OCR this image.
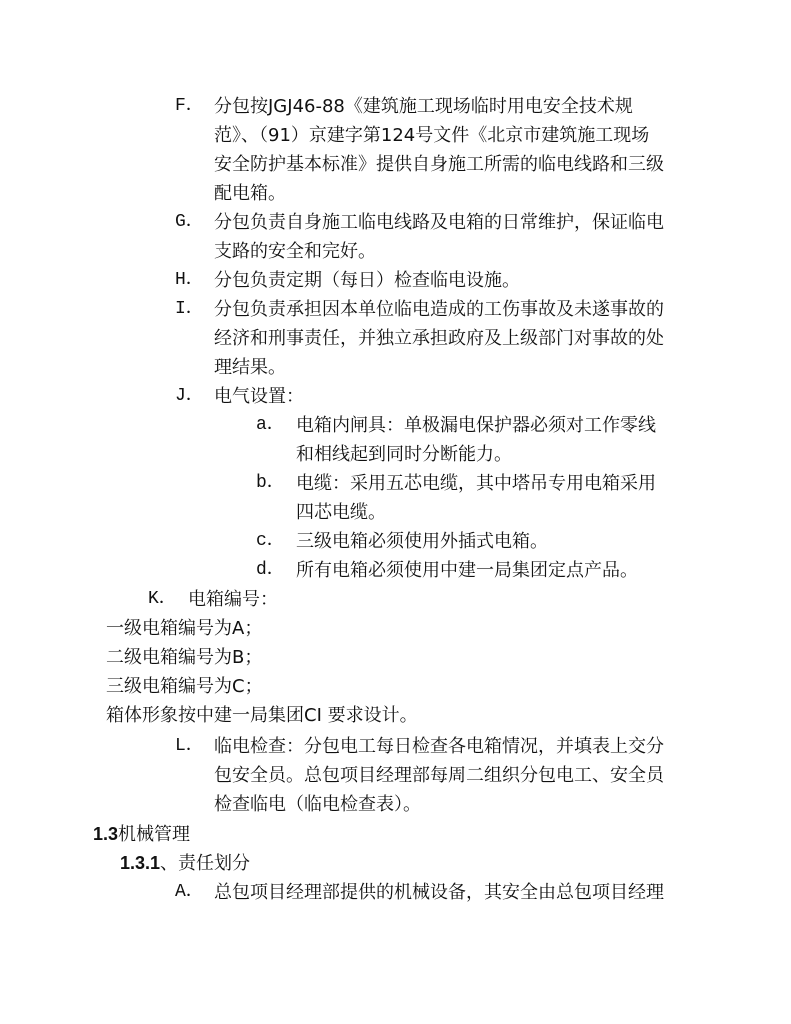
F． 分包按JGJ46-88《建筑施工现场临时用电安全技术规
范》、（91）京建字第124号文件《北京市建筑施工现场
安全防护基本标准》提供自身施工所需的临电线路和三级
配电箱。
G． 分包负责自身施工临电线路及电箱的日常维护，保证临电
支路的安全和完好。
H． 分包负责定期（每日）检查临电设施。
I． 分包负责承担因本单位临电造成的工伤事故及未遂事故的
经济和刑事责任，并独立承担政府及上级部门对事故的处
理结果。
J． 电气设置：
a． 电箱内闸具：单极漏电保护器必须对工作零线
和相线起到同时分断能力。
b． 电缆：采用五芯电缆，其中塔吊专用电箱采用
四芯电缆。
c． 三级电箱必须使用外插式电箱。
d． 所有电箱必须使用中建一局集团定点产品。
K． 电箱编号：
一级电箱编号为A；
二级电箱编号为B；
三级电箱编号为C；
箱体形象按中建一局集团CI 要求设计。
L． 临电检查：分包电工每日检查各电箱情况，并填表上交分
包安全员。总包项目经理部每周二组织分包电工、安全员
检查临电（临电检查表）。
1.3机械管理
1.3.1、责任划分
A． 总包项目经理部提供的机械设备，其安全由总包项目经理
